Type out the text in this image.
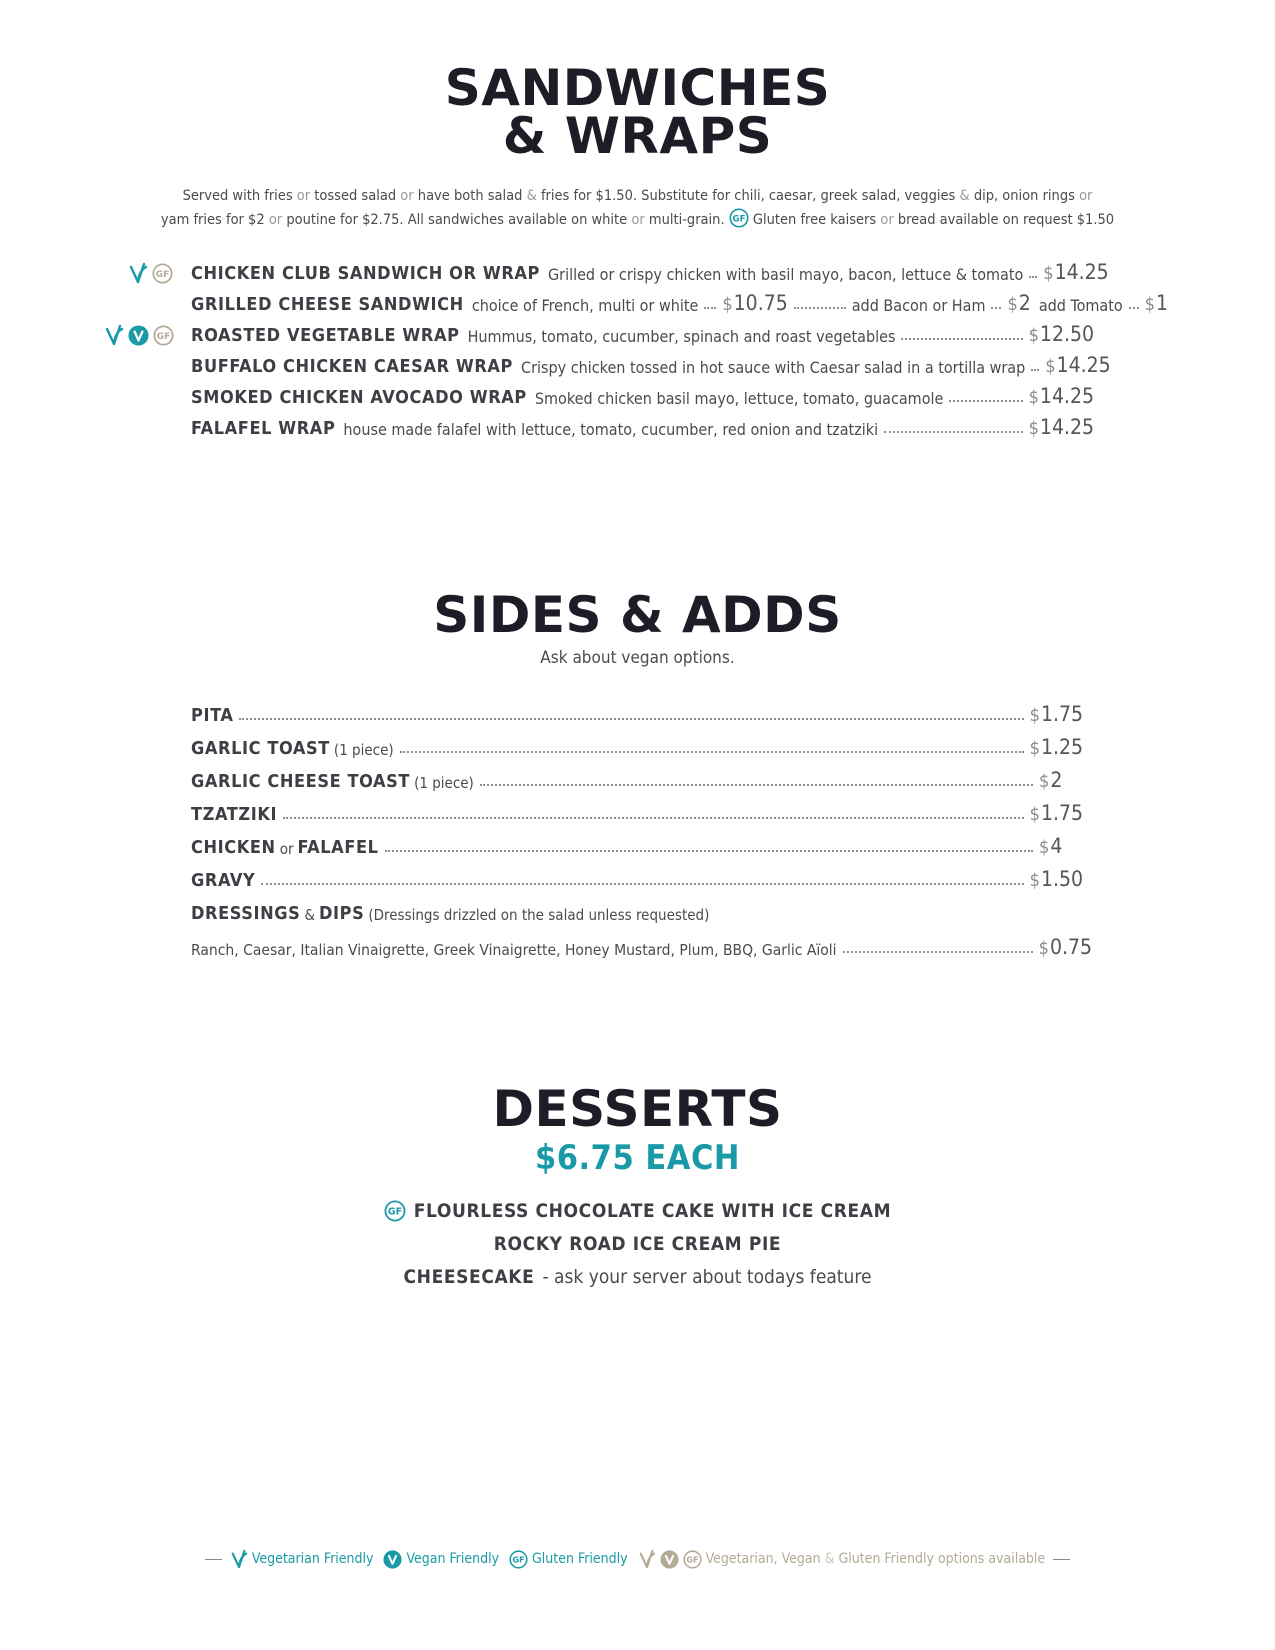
SANDWICHES
& WRAPS
Served with fries or tossed salad or have both salad & fries for $1.50. Substitute for chili, caesar, greek salad, veggies & dip, onion rings or
yam fries for $2 or poutine for $2.75. All sandwiches available on white or multi-grain. Gluten free kaisers or bread available on request $1.50
CHICKEN CLUB SANDWICH OR WRAP Grilled or crispy chicken with basil mayo, bacon, lettuce & tomato $14.25
GRILLED CHEESE SANDWICH choice of French, multi or white $10.75	add Bacon or Ham $2 add Tomato $1
ROASTED VEGETABLE WRAP Hummus, tomato, cucumber, spinach and roast vegetables	$12.50
BUFFALO CHICKEN CAESAR WRAP Crispy chicken tossed in hot sauce with Caesar salad in a tortilla wrap $14.25
SMOKED CHICKEN AVOCADO WRAP Smoked chicken basil mayo, lettuce, tomato, guacamole	$14.25
FALAFEL WRAP house made falafel with lettuce, tomato, cucumber, red onion and tzatziki	$14.25
SIDES & ADDS
Ask about vegan options.
PITA	$1.75
GARLIC TOAST (1 piece)	$1.25
GARLIC CHEESE TOAST (1 piece)	$2
TZATZIKI	$1.75
CHICKEN or FALAFEL	$4
GRAVY	$1.50
DRESSINGS & DIPS (Dressings drizzled on the salad unless requested)
Ranch, Caesar, Italian Vinaigrette, Greek Vinaigrette, Honey Mustard, Plum, BBQ, Garlic Aïoli	$0.75
DESSERTS
$6.75 EACH
FLOURLESS CHOCOLATE CAKE WITH ICE CREAM
ROCKY ROAD ICE CREAM PIE
CHEESECAKE - ask your server about todays feature
Vegetarian Friendly Vegan Friendly Gluten Friendly	Vegetarian, Vegan & Gluten Friendly options available
